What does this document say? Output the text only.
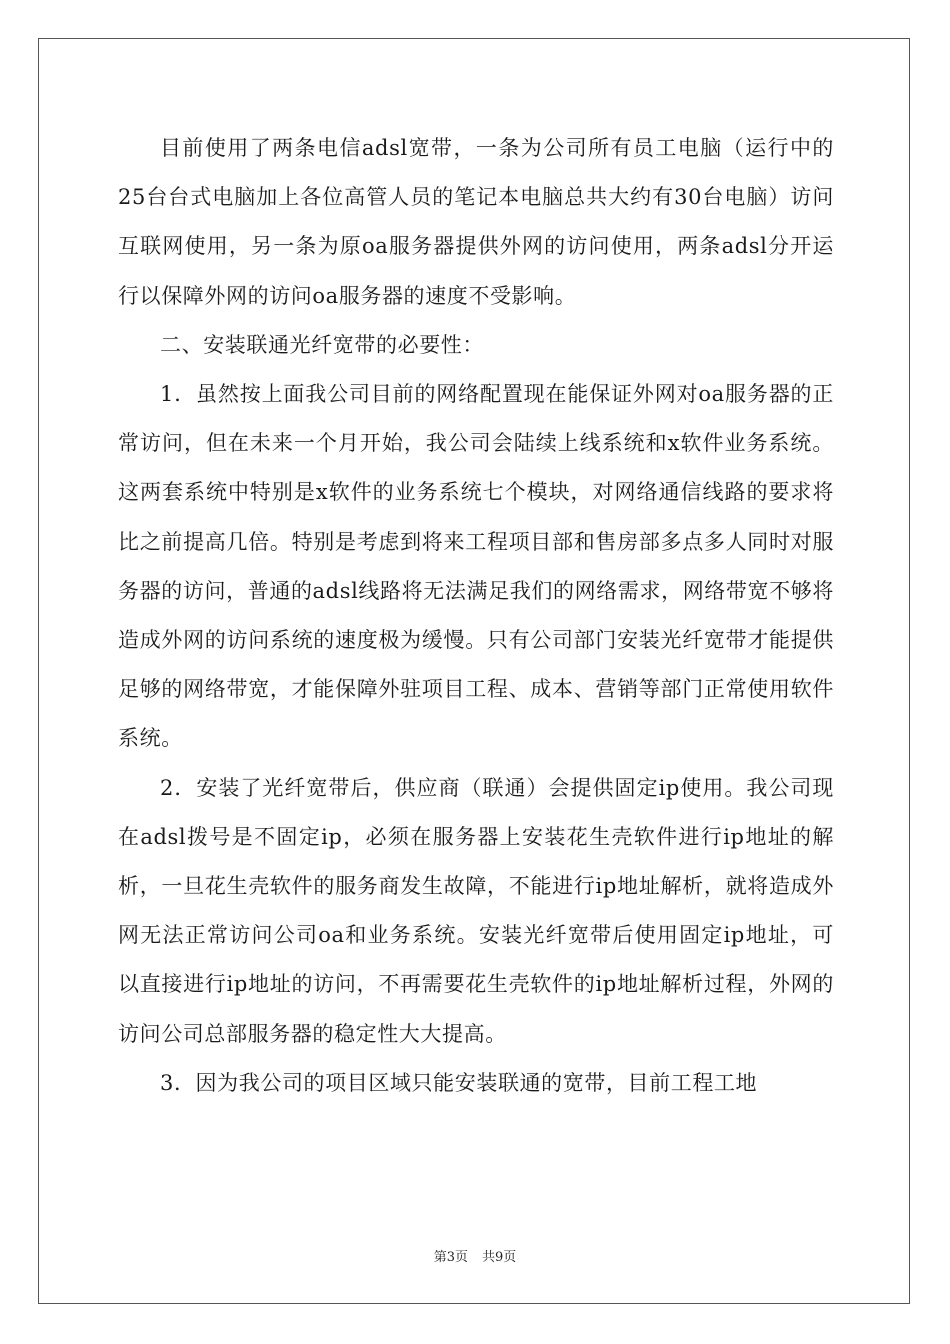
目前使用了两条电信adsl宽带，一条为公司所有员工电脑（运行中的25台台式电脑加上各位高管人员的笔记本电脑总共大约有30台电脑）访问互联网使用，另一条为原oa服务器提供外网的访问使用，两条adsl分开运行以保障外网的访问oa服务器的速度不受影响。

二、安装联通光纤宽带的必要性：

1．虽然按上面我公司目前的网络配置现在能保证外网对oa服务器的正常访问，但在未来一个月开始，我公司会陆续上线系统和x软件业务系统。这两套系统中特别是x软件的业务系统七个模块，对网络通信线路的要求将比之前提高几倍。特别是考虑到将来工程项目部和售房部多点多人同时对服务器的访问，普通的adsl线路将无法满足我们的网络需求，网络带宽不够将造成外网的访问系统的速度极为缓慢。只有公司部门安装光纤宽带才能提供足够的网络带宽，才能保障外驻项目工程、成本、营销等部门正常使用软件系统。

2．安装了光纤宽带后，供应商（联通）会提供固定ip使用。我公司现在adsl拨号是不固定ip，必须在服务器上安装花生壳软件进行ip地址的解析，一旦花生壳软件的服务商发生故障，不能进行ip地址解析，就将造成外网无法正常访问公司oa和业务系统。安装光纤宽带后使用固定ip地址，可以直接进行ip地址的访问，不再需要花生壳软件的ip地址解析过程，外网的访问公司总部服务器的稳定性大大提高。

3．因为我公司的项目区域只能安装联通的宽带，目前工程工地

第3页 共9页
